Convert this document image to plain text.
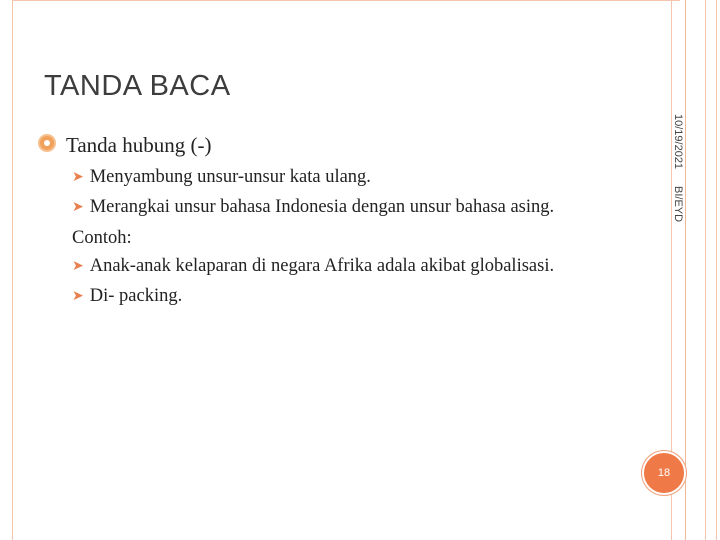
TANDA BACA
Tanda hubung (-)
➤ Menyambung unsur-unsur kata ulang.
➤ Merangkai unsur bahasa Indonesia dengan unsur bahasa asing.
Contoh:
➤ Anak-anak kelaparan di negara Afrika adala akibat globalisasi.
➤ Di- packing.
10/19/2021
BI/EYD
18
